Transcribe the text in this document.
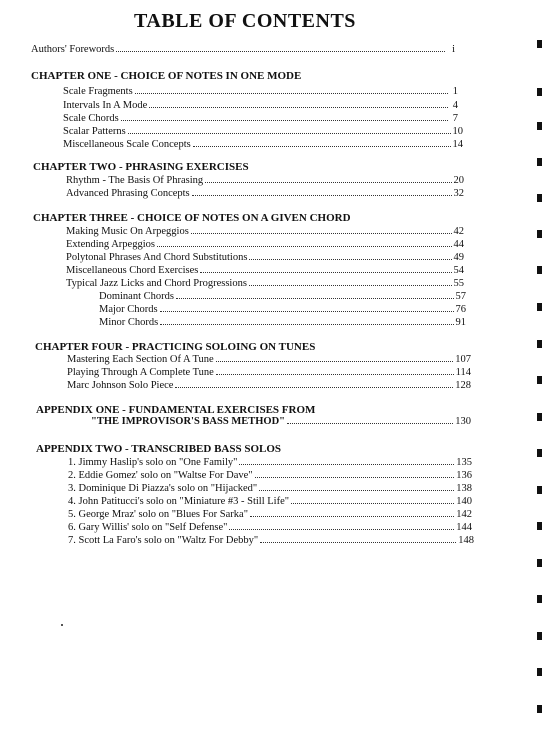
TABLE OF CONTENTS
Authors' Forewords	i
CHAPTER ONE - CHOICE OF NOTES IN ONE MODE
Scale Fragments	1
Intervals In A Mode	4
Scale Chords	7
Scalar Patterns	10
Miscellaneous Scale Concepts	14
CHAPTER TWO - PHRASING EXERCISES
Rhythm - The Basis Of Phrasing	20
Advanced Phrasing Concepts	32
CHAPTER THREE - CHOICE OF NOTES ON A GIVEN CHORD
Making Music On Arpeggios	42
Extending Arpeggios	44
Polytonal Phrases And Chord Substitutions	49
Miscellaneous Chord Exercises	54
Typical Jazz Licks and Chord Progressions	55
Dominant Chords	57
Major Chords	76
Minor Chords	91
CHAPTER FOUR - PRACTICING SOLOING ON TUNES
Mastering Each Section Of A Tune	107
Playing Through A Complete Tune	114
Marc Johnson Solo Piece	128
APPENDIX ONE - FUNDAMENTAL EXERCISES FROM
"THE IMPROVISOR'S BASS METHOD"	130
APPENDIX TWO - TRANSCRIBED BASS SOLOS
1. Jimmy Haslip's solo on "One Family"	135
2. Eddie Gomez' solo on "Waltse For Dave"	136
3. Dominique Di Piazza's solo on "Hijacked"	138
4. John Patitucci's solo on "Miniature #3 - Still Life"	140
5. George Mraz' solo on "Blues For Sarka"	142
6. Gary Willis' solo on "Self Defense"	144
7. Scott La Faro's solo on "Waltz For Debby"	148
